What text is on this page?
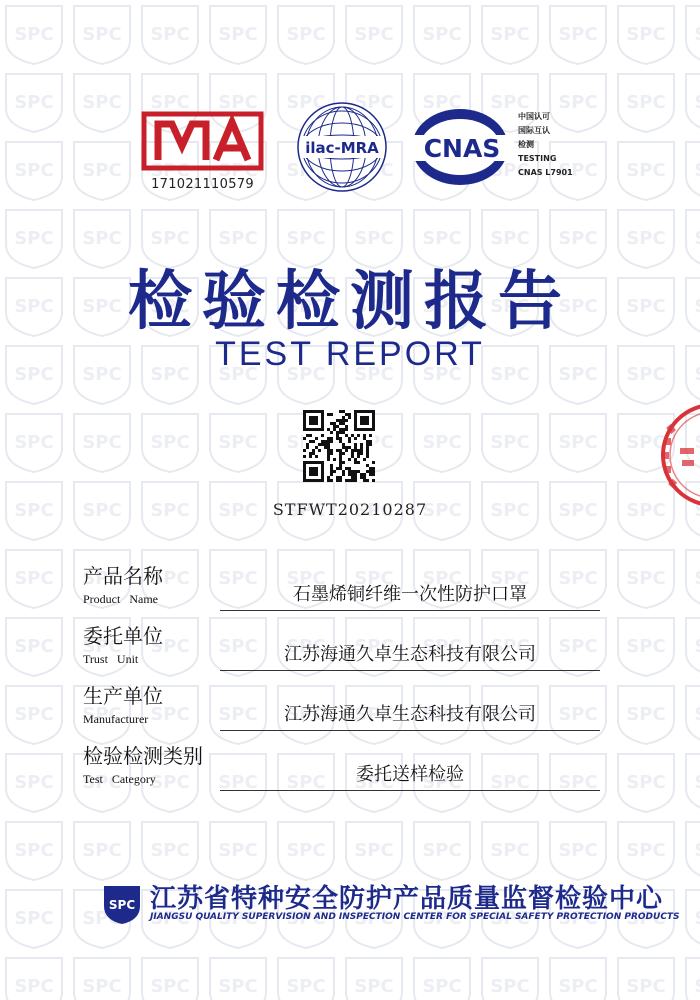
171021110579
ilac-MRA CNAS
中国认可
国际互认
检测
TESTING
CNAS L7901
检验检测报告
TEST REPORT
STFWT20210287
产品名称
Product Name	石墨烯铜纤维一次性防护口罩
委托单位
Trust Unit	江苏海通久卓生态科技有限公司
生产单位
Manufacturer	江苏海通久卓生态科技有限公司
检验检测类别
Test Category	委托送样检验
SPC 江苏省特种安全防护产品质量监督检验中心
JIANGSU QUALITY SUPERVISION AND INSPECTION CENTER FOR SPECIAL SAFETY PROTECTION PRODUCTS
